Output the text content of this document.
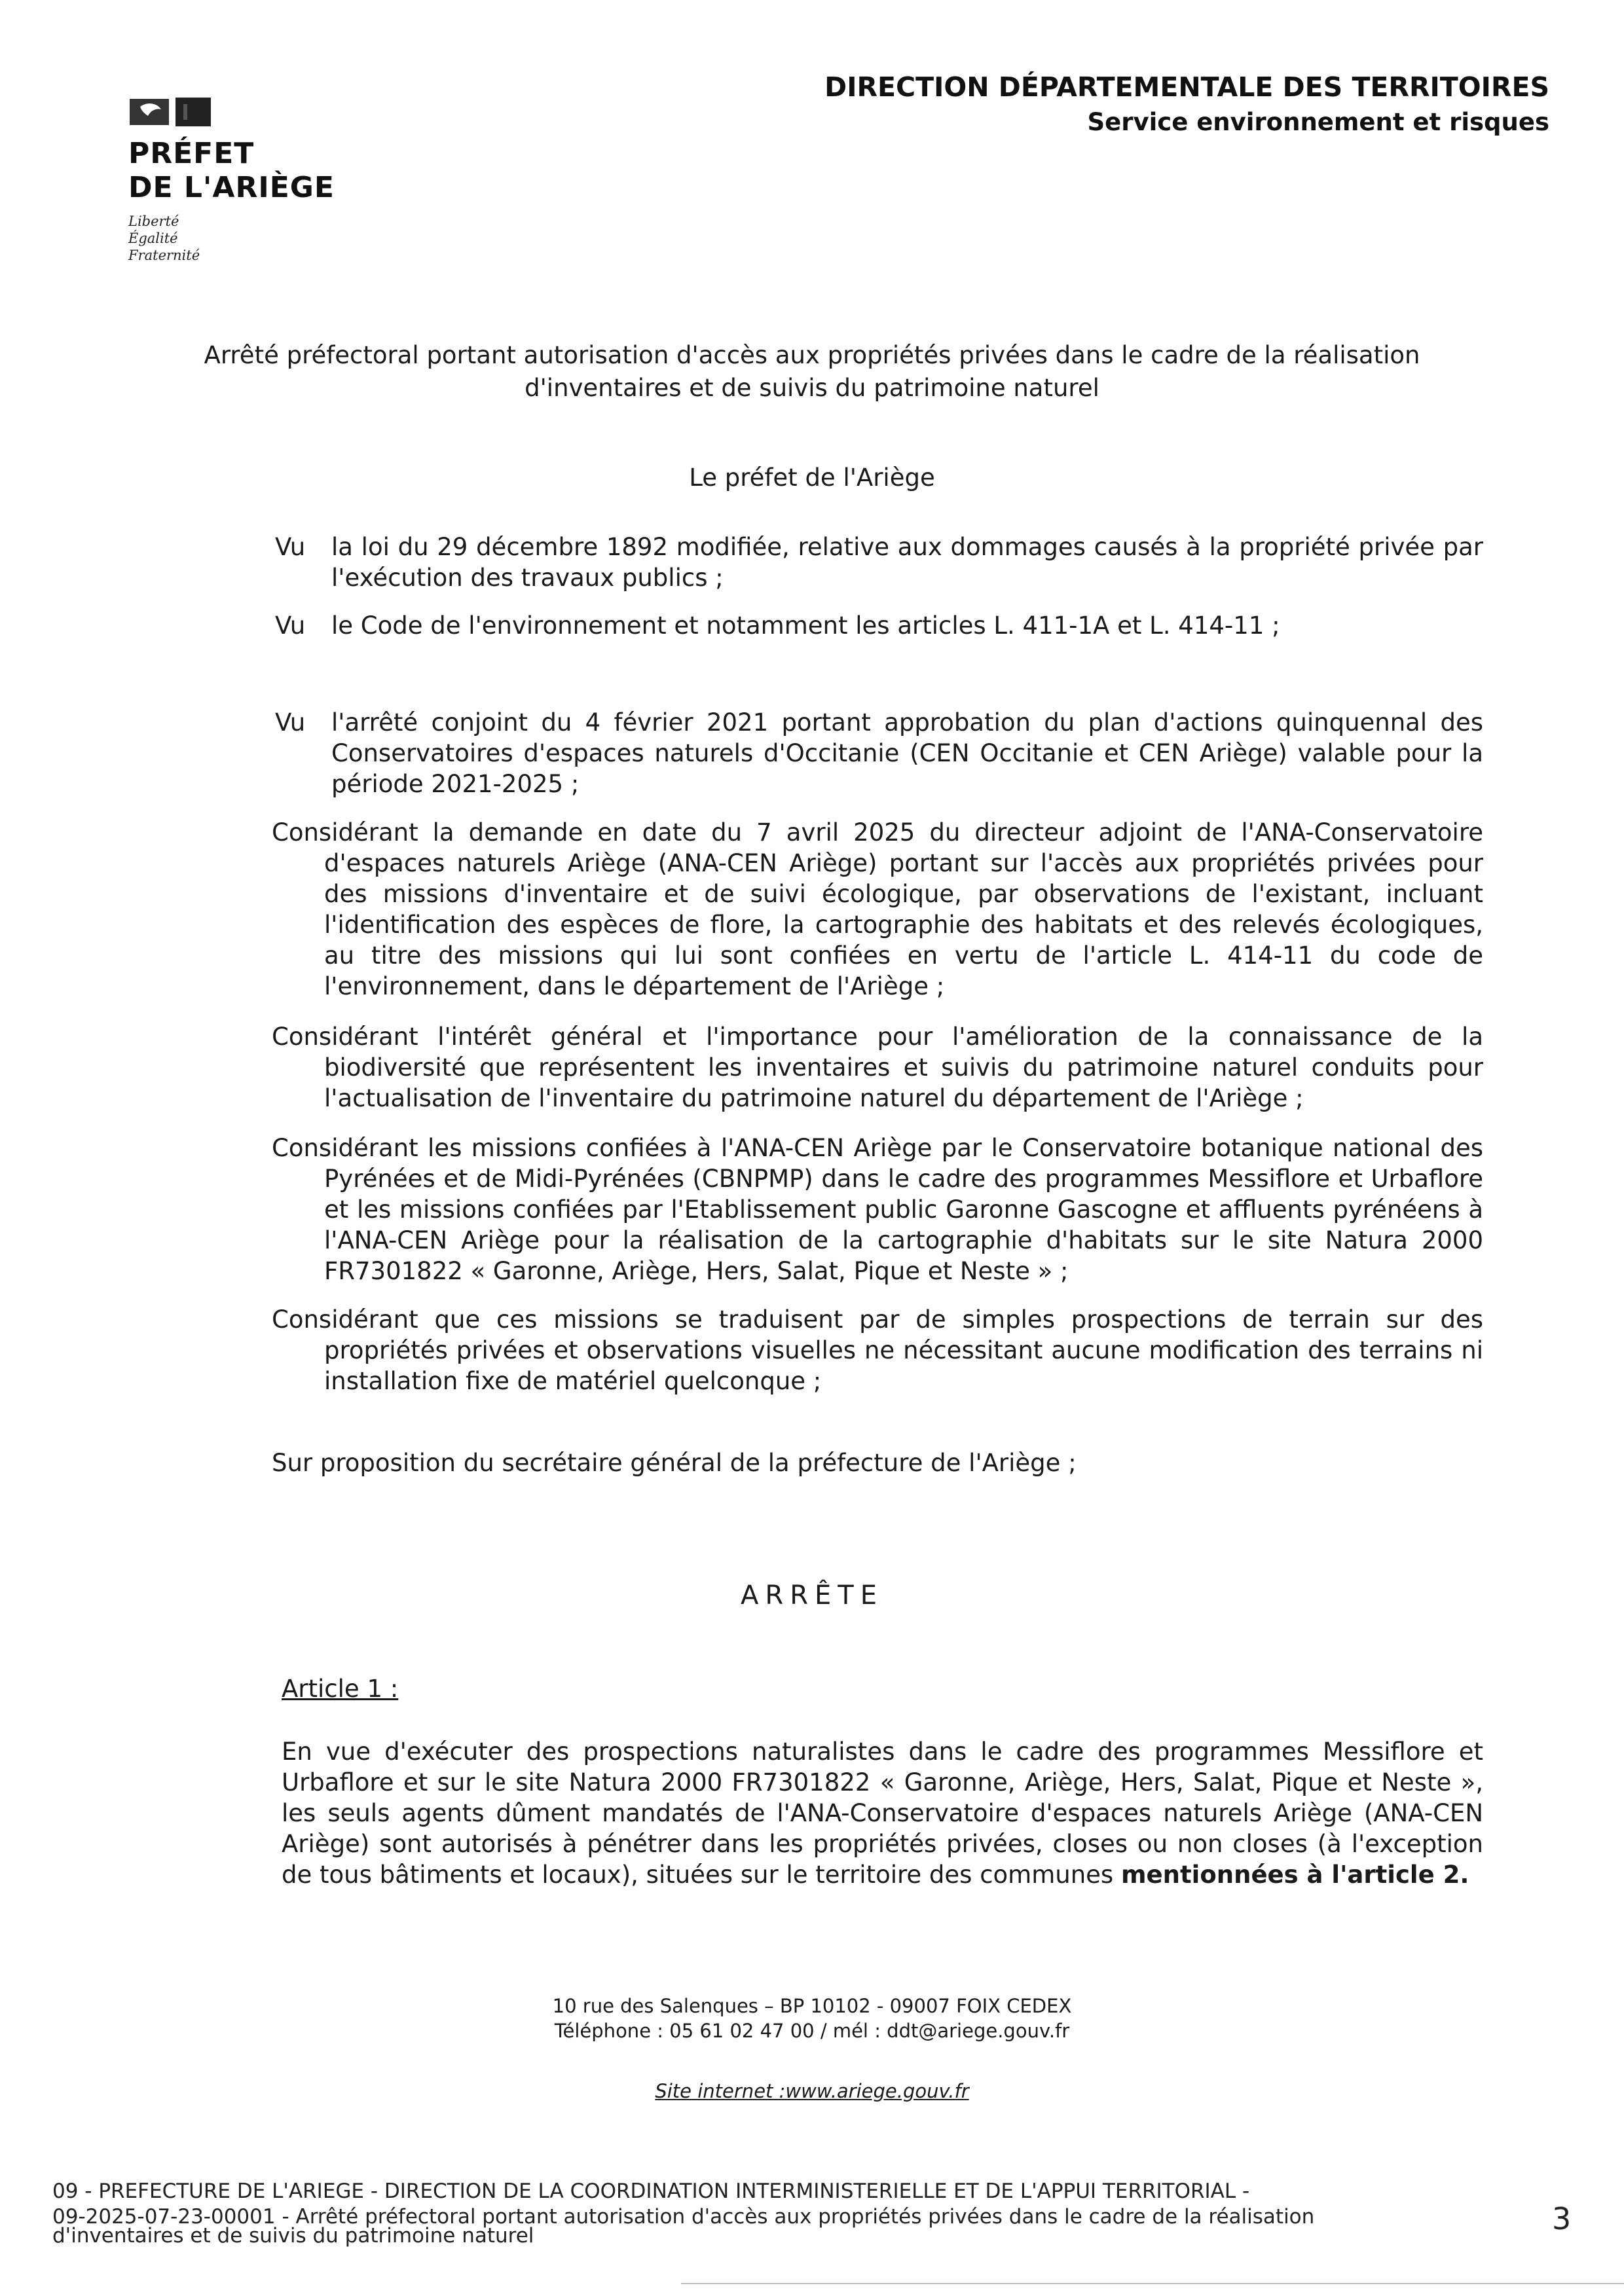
PRÉFET
DE L'ARIÈGE
Liberté
Égalité
Fraternité
DIRECTION DÉPARTEMENTALE DES TERRITOIRES
Service environnement et risques
Arrêté préfectoral portant autorisation d'accès aux propriétés privées dans le cadre de la réalisation
d'inventaires et de suivis du patrimoine naturel
Le préfet de l'Ariège
Vu	la loi du 29 décembre 1892 modifiée, relative aux dommages causés à la propriété privée par l'exécution des travaux publics ;
Vu	le Code de l'environnement et notamment les articles L. 411-1A et L. 414-11 ;
Vu	l'arrêté conjoint du 4 février 2021 portant approbation du plan d'actions quinquennal des Conservatoires d'espaces naturels d'Occitanie (CEN Occitanie et CEN Ariège) valable pour la période 2021-2025 ;

Considérant la demande en date du 7 avril 2025 du directeur adjoint de l'ANA-Conservatoire d'espaces naturels Ariège (ANA-CEN Ariège) portant sur l'accès aux propriétés privées pour des missions d'inventaire et de suivi écologique, par observations de l'existant, incluant l'identification des espèces de flore, la cartographie des habitats et des relevés écologiques, au titre des missions qui lui sont confiées en vertu de l'article L. 414-11 du code de l'environnement, dans le département de l'Ariège ;

Considérant l'intérêt général et l'importance pour l'amélioration de la connaissance de la biodiversité que représentent les inventaires et suivis du patrimoine naturel conduits pour l'actualisation de l'inventaire du patrimoine naturel du département de l'Ariège ;

Considérant les missions confiées à l'ANA-CEN Ariège par le Conservatoire botanique national des Pyrénées et de Midi-Pyrénées (CBNPMP) dans le cadre des programmes Messiflore et Urbaflore et les missions confiées par l'Etablissement public Garonne Gascogne et affluents pyrénéens à l'ANA-CEN Ariège pour la réalisation de la cartographie d'habitats sur le site Natura 2000 FR7301822 « Garonne, Ariège, Hers, Salat, Pique et Neste » ;

Considérant que ces missions se traduisent par de simples prospections de terrain sur des propriétés privées et observations visuelles ne nécessitant aucune modification des terrains ni installation fixe de matériel quelconque ;

Sur proposition du secrétaire général de la préfecture de l'Ariège ;
ARRÊTE
Article 1 :
En vue d'exécuter des prospections naturalistes dans le cadre des programmes Messiflore et Urbaflore et sur le site Natura 2000 FR7301822 « Garonne, Ariège, Hers, Salat, Pique et Neste », les seuls agents dûment mandatés de l'ANA-Conservatoire d'espaces naturels Ariège (ANA-CEN Ariège) sont autorisés à pénétrer dans les propriétés privées, closes ou non closes (à l'exception de tous bâtiments et locaux), situées sur le territoire des communes mentionnées à l'article 2.
10 rue des Salenques – BP 10102 - 09007 FOIX CEDEX
Téléphone : 05 61 02 47 00 / mél : ddt@ariege.gouv.fr
Site internet :www.ariege.gouv.fr
09 - PREFECTURE DE L'ARIEGE - DIRECTION DE LA COORDINATION INTERMINISTERIELLE ET DE L'APPUI TERRITORIAL -
09-2025-07-23-00001 - Arrêté préfectoral portant autorisation d'accès aux propriétés privées dans le cadre de la réalisation
d'inventaires et de suivis du patrimoine naturel	3
